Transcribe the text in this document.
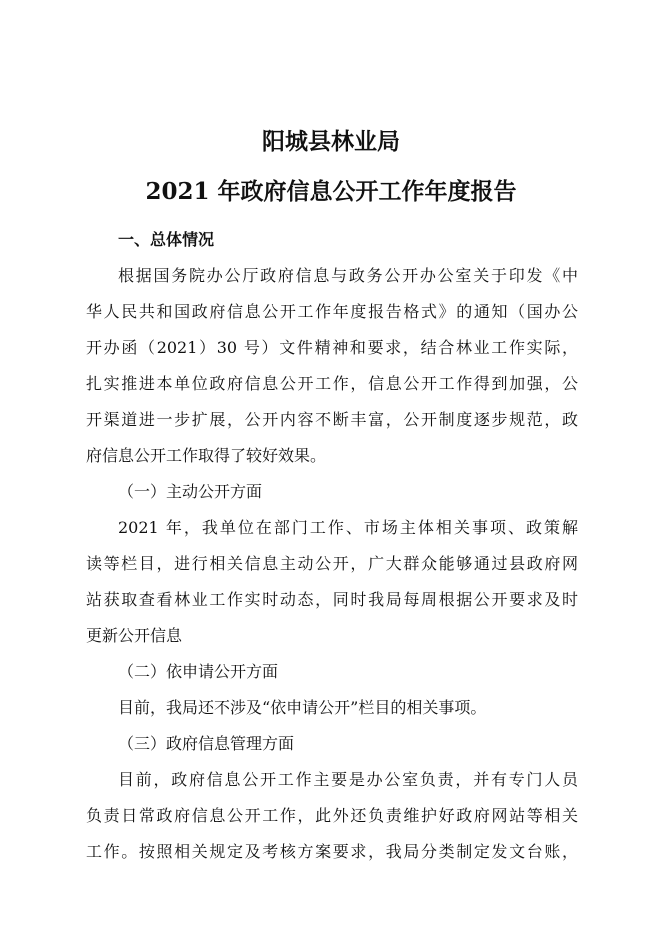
阳城县林业局
2021 年政府信息公开工作年度报告
一、总体情况
根据国务院办公厅政府信息与政务公开办公室关于印发《中
华人民共和国政府信息公开工作年度报告格式》的通知（国办公
开办函（2021）30 号）文件精神和要求，结合林业工作实际，
扎实推进本单位政府信息公开工作，信息公开工作得到加强，公
开渠道进一步扩展，公开内容不断丰富，公开制度逐步规范，政
府信息公开工作取得了较好效果。
（一）主动公开方面
2021 年，我单位在部门工作、市场主体相关事项、政策解
读等栏目，进行相关信息主动公开，广大群众能够通过县政府网
站获取查看林业工作实时动态，同时我局每周根据公开要求及时
更新公开信息
（二）依申请公开方面
目前，我局还不涉及“依申请公开”栏目的相关事项。
（三）政府信息管理方面
目前，政府信息公开工作主要是办公室负责，并有专门人员
负责日常政府信息公开工作，此外还负责维护好政府网站等相关
工作。按照相关规定及考核方案要求，我局分类制定发文台账，
